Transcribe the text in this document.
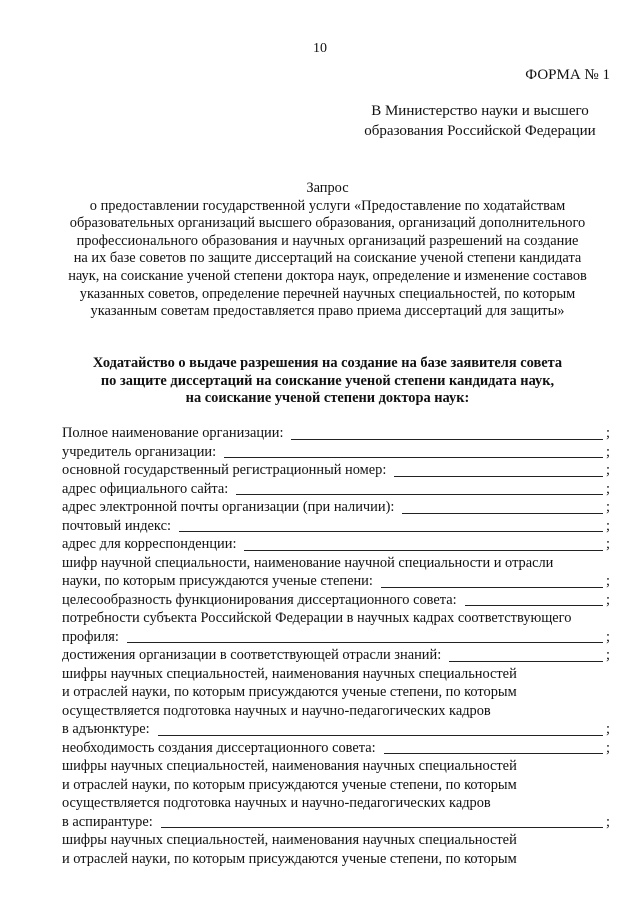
10
ФОРМА № 1
В Министерство науки и высшего
образования Российской Федерации
Запрос
о предоставлении государственной услуги «Предоставление по ходатайствам
образовательных организаций высшего образования, организаций дополнительного
профессионального образования и научных организаций разрешений на создание
на их базе советов по защите диссертаций на соискание ученой степени кандидата
наук, на соискание ученой степени доктора наук, определение и изменение составов
указанных советов, определение перечней научных специальностей, по которым
указанным советам предоставляется право приема диссертаций для защиты»
Ходатайство о выдаче разрешения на создание на базе заявителя совета
по защите диссертаций на соискание ученой степени кандидата наук,
на соискание ученой степени доктора наук:
Полное наименование организации:	;
учредитель организации:	;
основной государственный регистрационный номер:	;
адрес официального сайта:	;
адрес электронной почты организации (при наличии):	;
почтовый индекс:	;
адрес для корреспонденции:	;
шифр научной специальности, наименование научной специальности и отрасли
науки, по которым присуждаются ученые степени:	;
целесообразность функционирования диссертационного совета:	;
потребности субъекта Российской Федерации в научных кадрах соответствующего
профиля:	;
достижения организации в соответствующей отрасли знаний:	;
шифры научных специальностей, наименования научных специальностей
и отраслей науки, по которым присуждаются ученые степени, по которым
осуществляется подготовка научных и научно-педагогических кадров
в адъюнктуре:	;
необходимость создания диссертационного совета:	;
шифры научных специальностей, наименования научных специальностей
и отраслей науки, по которым присуждаются ученые степени, по которым
осуществляется подготовка научных и научно-педагогических кадров
в аспирантуре:	;
шифры научных специальностей, наименования научных специальностей
и отраслей науки, по которым присуждаются ученые степени, по которым
